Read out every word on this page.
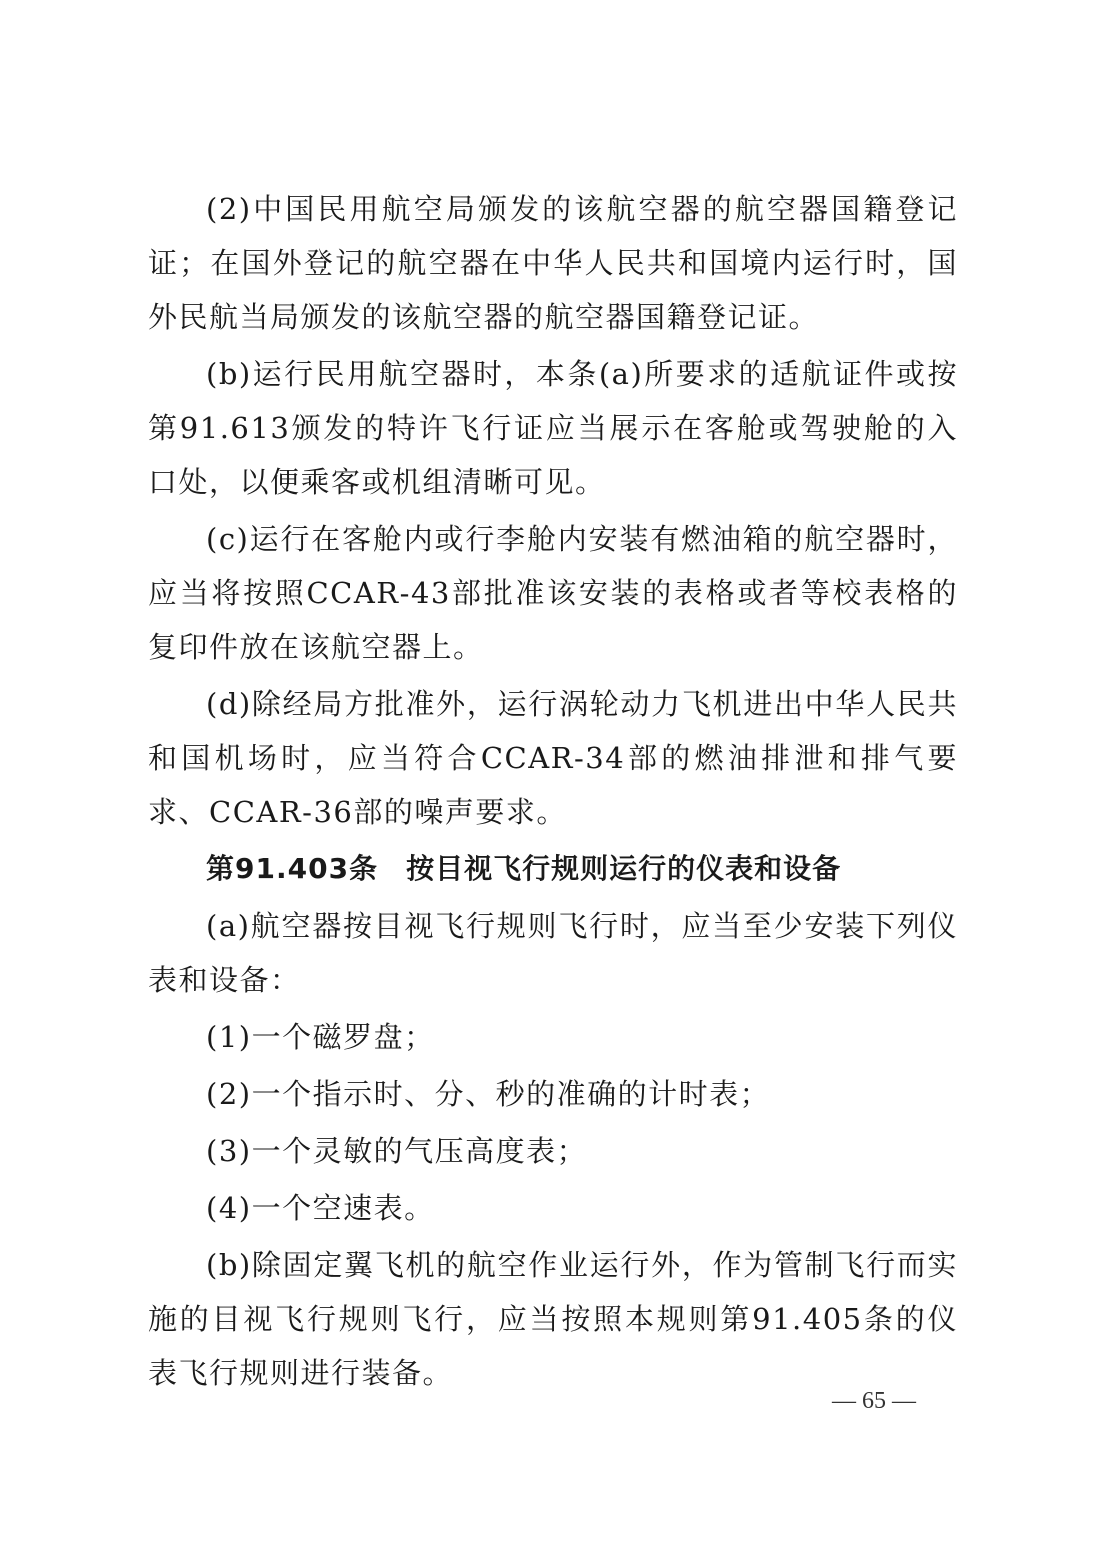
(2)中国民用航空局颁发的该航空器的航空器国籍登记证；在国外登记的航空器在中华人民共和国境内运行时，国外民航当局颁发的该航空器的航空器国籍登记证。

(b)运行民用航空器时，本条(a)所要求的适航证件或按第91.613颁发的特许飞行证应当展示在客舱或驾驶舱的入口处，以便乘客或机组清晰可见。

(c)运行在客舱内或行李舱内安装有燃油箱的航空器时，应当将按照CCAR-43部批准该安装的表格或者等校表格的复印件放在该航空器上。

(d)除经局方批准外，运行涡轮动力飞机进出中华人民共和国机场时，应当符合CCAR-34部的燃油排泄和排气要求、CCAR-36部的噪声要求。

第91.403条 按目视飞行规则运行的仪表和设备

(a)航空器按目视飞行规则飞行时，应当至少安装下列仪表和设备：

(1)一个磁罗盘；

(2)一个指示时、分、秒的准确的计时表；

(3)一个灵敏的气压高度表；

(4)一个空速表。

(b)除固定翼飞机的航空作业运行外，作为管制飞行而实施的目视飞行规则飞行，应当按照本规则第91.405条的仪表飞行规则进行装备。

— 65 —
